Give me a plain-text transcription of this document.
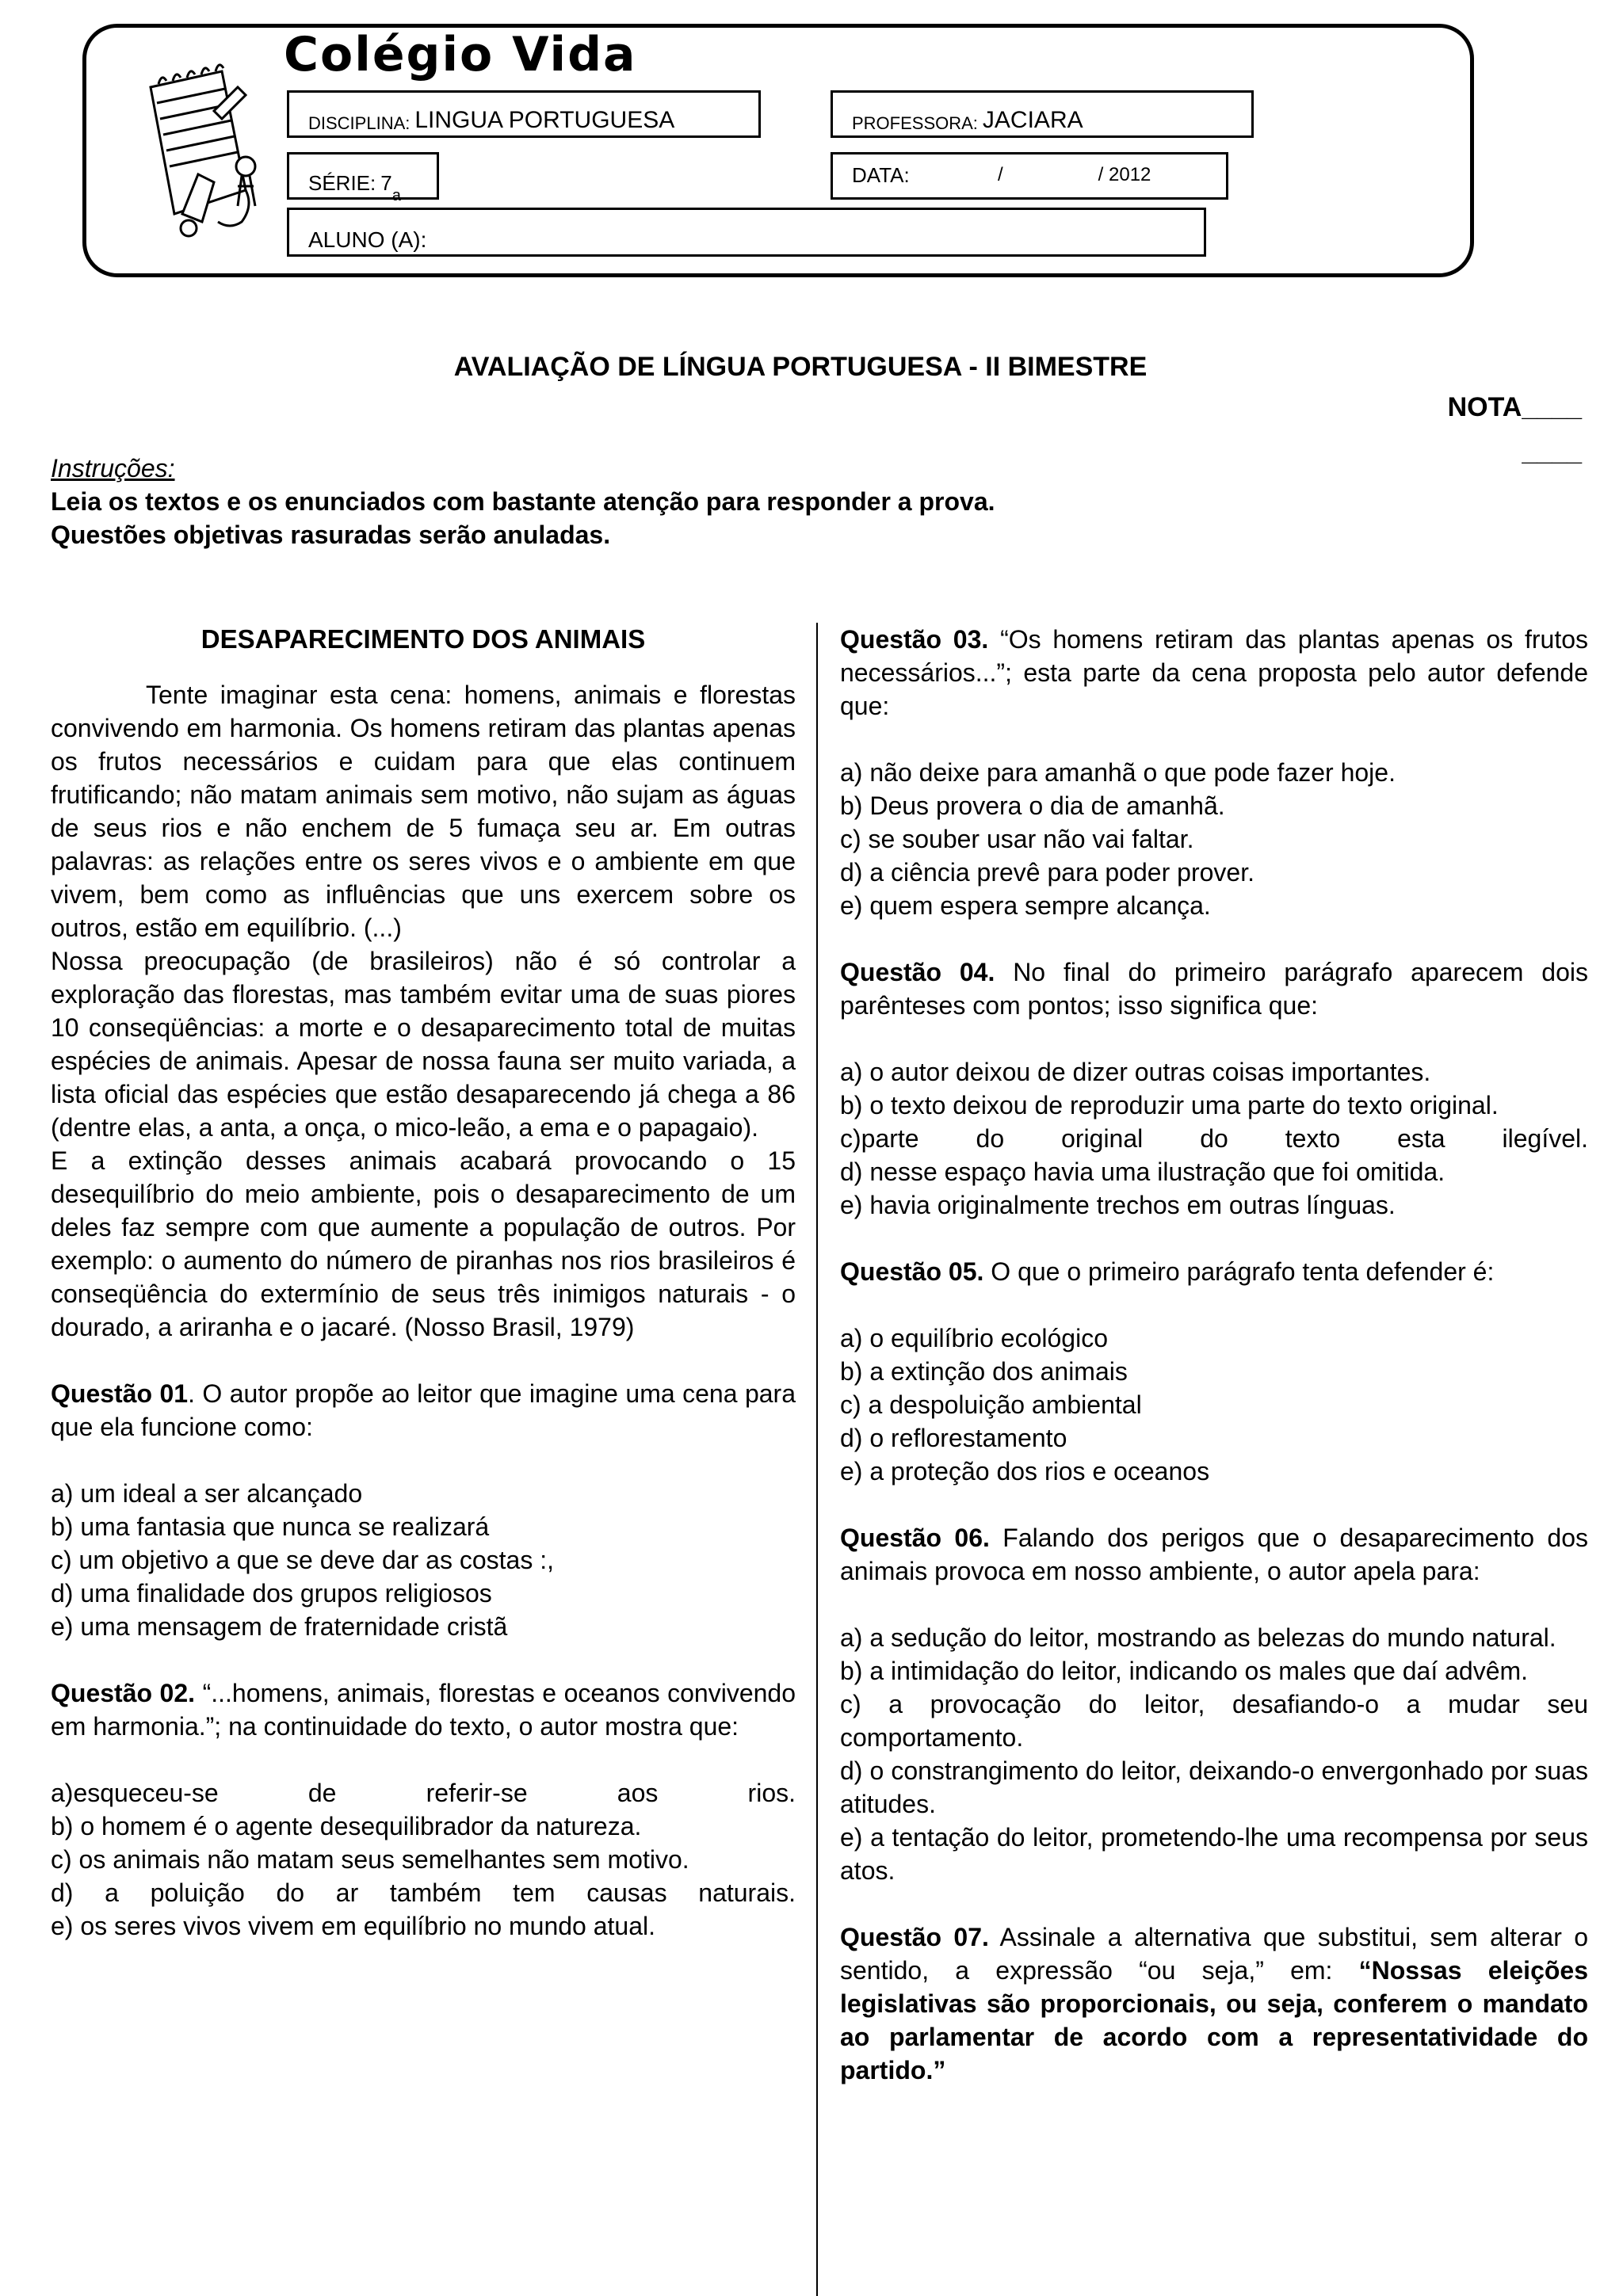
Colégio Vida
DISCIPLINA: LINGUA PORTUGUESA	PROFESSORA: JACIARA
SÉRIE: 7
a
DATA:	/	/ 2012
ALUNO (A):
AVALIAÇÃO DE LÍNGUA PORTUGUESA - II BIMESTRE
NOTA____
____
Instruções:
Leia os textos e os enunciados com bastante atenção para responder a prova.
Questões objetivas rasuradas serão anuladas.
DESAPARECIMENTO DOS ANIMAIS
Tente imaginar esta cena: homens, animais e florestas convivendo em harmonia. Os homens retiram das plantas apenas os frutos necessários e cuidam para que elas continuem frutificando; não matam animais sem motivo, não sujam as águas de seus rios e não enchem de 5 fumaça seu ar. Em outras palavras: as relações entre os seres vivos e o ambiente em que vivem, bem como as influências que uns exercem sobre os outros, estão em equilíbrio. (...)
Nossa preocupação (de brasileiros) não é só controlar a exploração das florestas, mas também evitar uma de suas piores 10 conseqüências: a morte e o desaparecimento total de muitas espécies de animais. Apesar de nossa fauna ser muito variada, a lista oficial das espécies que estão desaparecendo já chega a 86 (dentre elas, a anta, a onça, o mico-leão, a ema e o papagaio).
E a extinção desses animais acabará provocando o 15 desequilíbrio do meio ambiente, pois o desaparecimento de um deles faz sempre com que aumente a população de outros. Por exemplo: o aumento do número de piranhas nos rios brasileiros é conseqüência do extermínio de seus três inimigos naturais - o dourado, a ariranha e o jacaré. (Nosso Brasil, 1979)
Questão 01. O autor propõe ao leitor que imagine uma cena para que ela funcione como:
a) um ideal a ser alcançado
b) uma fantasia que nunca se realizará
c) um objetivo a que se deve dar as costas :,
d) uma finalidade dos grupos religiosos
e) uma mensagem de fraternidade cristã
Questão 02. “...homens, animais, florestas e oceanos convivendo em harmonia.”; na continuidade do texto, o autor mostra que:
a)esqueceu-se de referir-se aos rios.
b) o homem é o agente desequilibrador da natureza.
c) os animais não matam seus semelhantes sem motivo.
d) a poluição do ar também tem causas naturais.
e) os seres vivos vivem em equilíbrio no mundo atual.
Questão 03. “Os homens retiram das plantas apenas os frutos necessários...”; esta parte da cena proposta pelo autor defende que:
a) não deixe para amanhã o que pode fazer hoje.
b) Deus provera o dia de amanhã.
c) se souber usar não vai faltar.
d) a ciência prevê para poder prover.
e) quem espera sempre alcança.
Questão 04. No final do primeiro parágrafo aparecem dois parênteses com pontos; isso significa que:
a) o autor deixou de dizer outras coisas importantes.
b) o texto deixou de reproduzir uma parte do texto original.
c)parte do original do texto esta ilegível.
d) nesse espaço havia uma ilustração que foi omitida.
e) havia originalmente trechos em outras línguas.
Questão 05. O que o primeiro parágrafo tenta defender é:
a) o equilíbrio ecológico
b) a extinção dos animais
c) a despoluição ambiental
d) o reflorestamento
e) a proteção dos rios e oceanos
Questão 06. Falando dos perigos que o desaparecimento dos animais provoca em nosso ambiente, o autor apela para:
a) a sedução do leitor, mostrando as belezas do mundo natural.
b) a intimidação do leitor, indicando os males que daí advêm.
c) a provocação do leitor, desafiando-o a mudar seu comportamento.
d) o constrangimento do leitor, deixando-o envergonhado por suas atitudes.
e) a tentação do leitor, prometendo-lhe uma recompensa por seus atos.
Questão 07. Assinale a alternativa que substitui, sem alterar o sentido, a expressão “ou seja,” em: “Nossas eleições legislativas são proporcionais, ou seja, conferem o mandato ao parlamentar de acordo com a representatividade do partido.”
